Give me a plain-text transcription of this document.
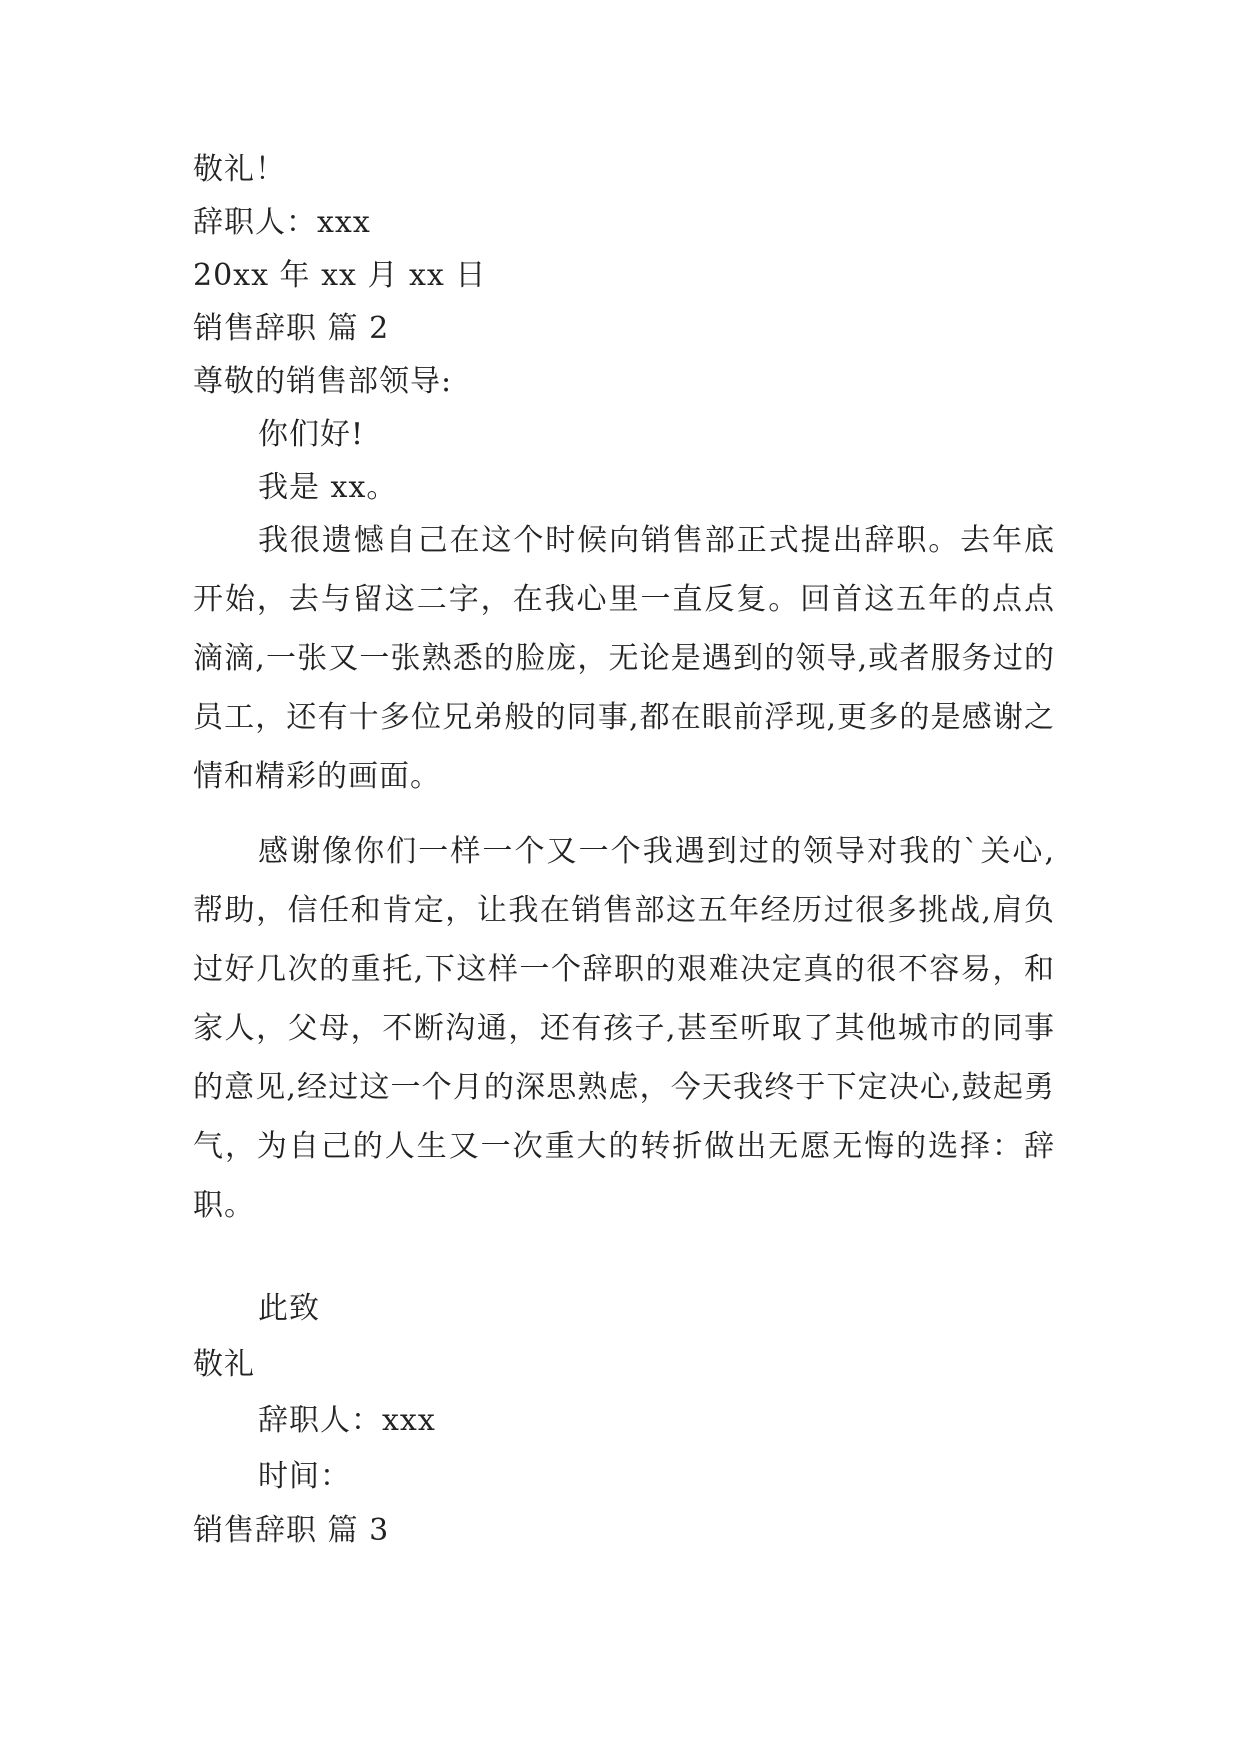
敬礼！
辞职人：xxx
20xx 年 xx 月 xx 日
销售辞职 篇 2
尊敬的销售部领导:
你们好!
我是 xx。
我很遗憾自己在这个时候向销售部正式提出辞职。去年底开始，去与留这二字，在我心里一直反复。回首这五年的点点滴滴,一张又一张熟悉的脸庞，无论是遇到的领导,或者服务过的员工，还有十多位兄弟般的同事,都在眼前浮现,更多的是感谢之情和精彩的画面。
感谢像你们一样一个又一个我遇到过的领导对我的`关心,帮助，信任和肯定，让我在销售部这五年经历过很多挑战,肩负过好几次的重托,下这样一个辞职的艰难决定真的很不容易，和家人，父母，不断沟通，还有孩子,甚至听取了其他城市的同事的意见,经过这一个月的深思熟虑，今天我终于下定决心,鼓起勇气，为自己的人生又一次重大的转折做出无愿无悔的选择：辞职。
此致
敬礼
辞职人：xxx
时间：
销售辞职 篇 3
